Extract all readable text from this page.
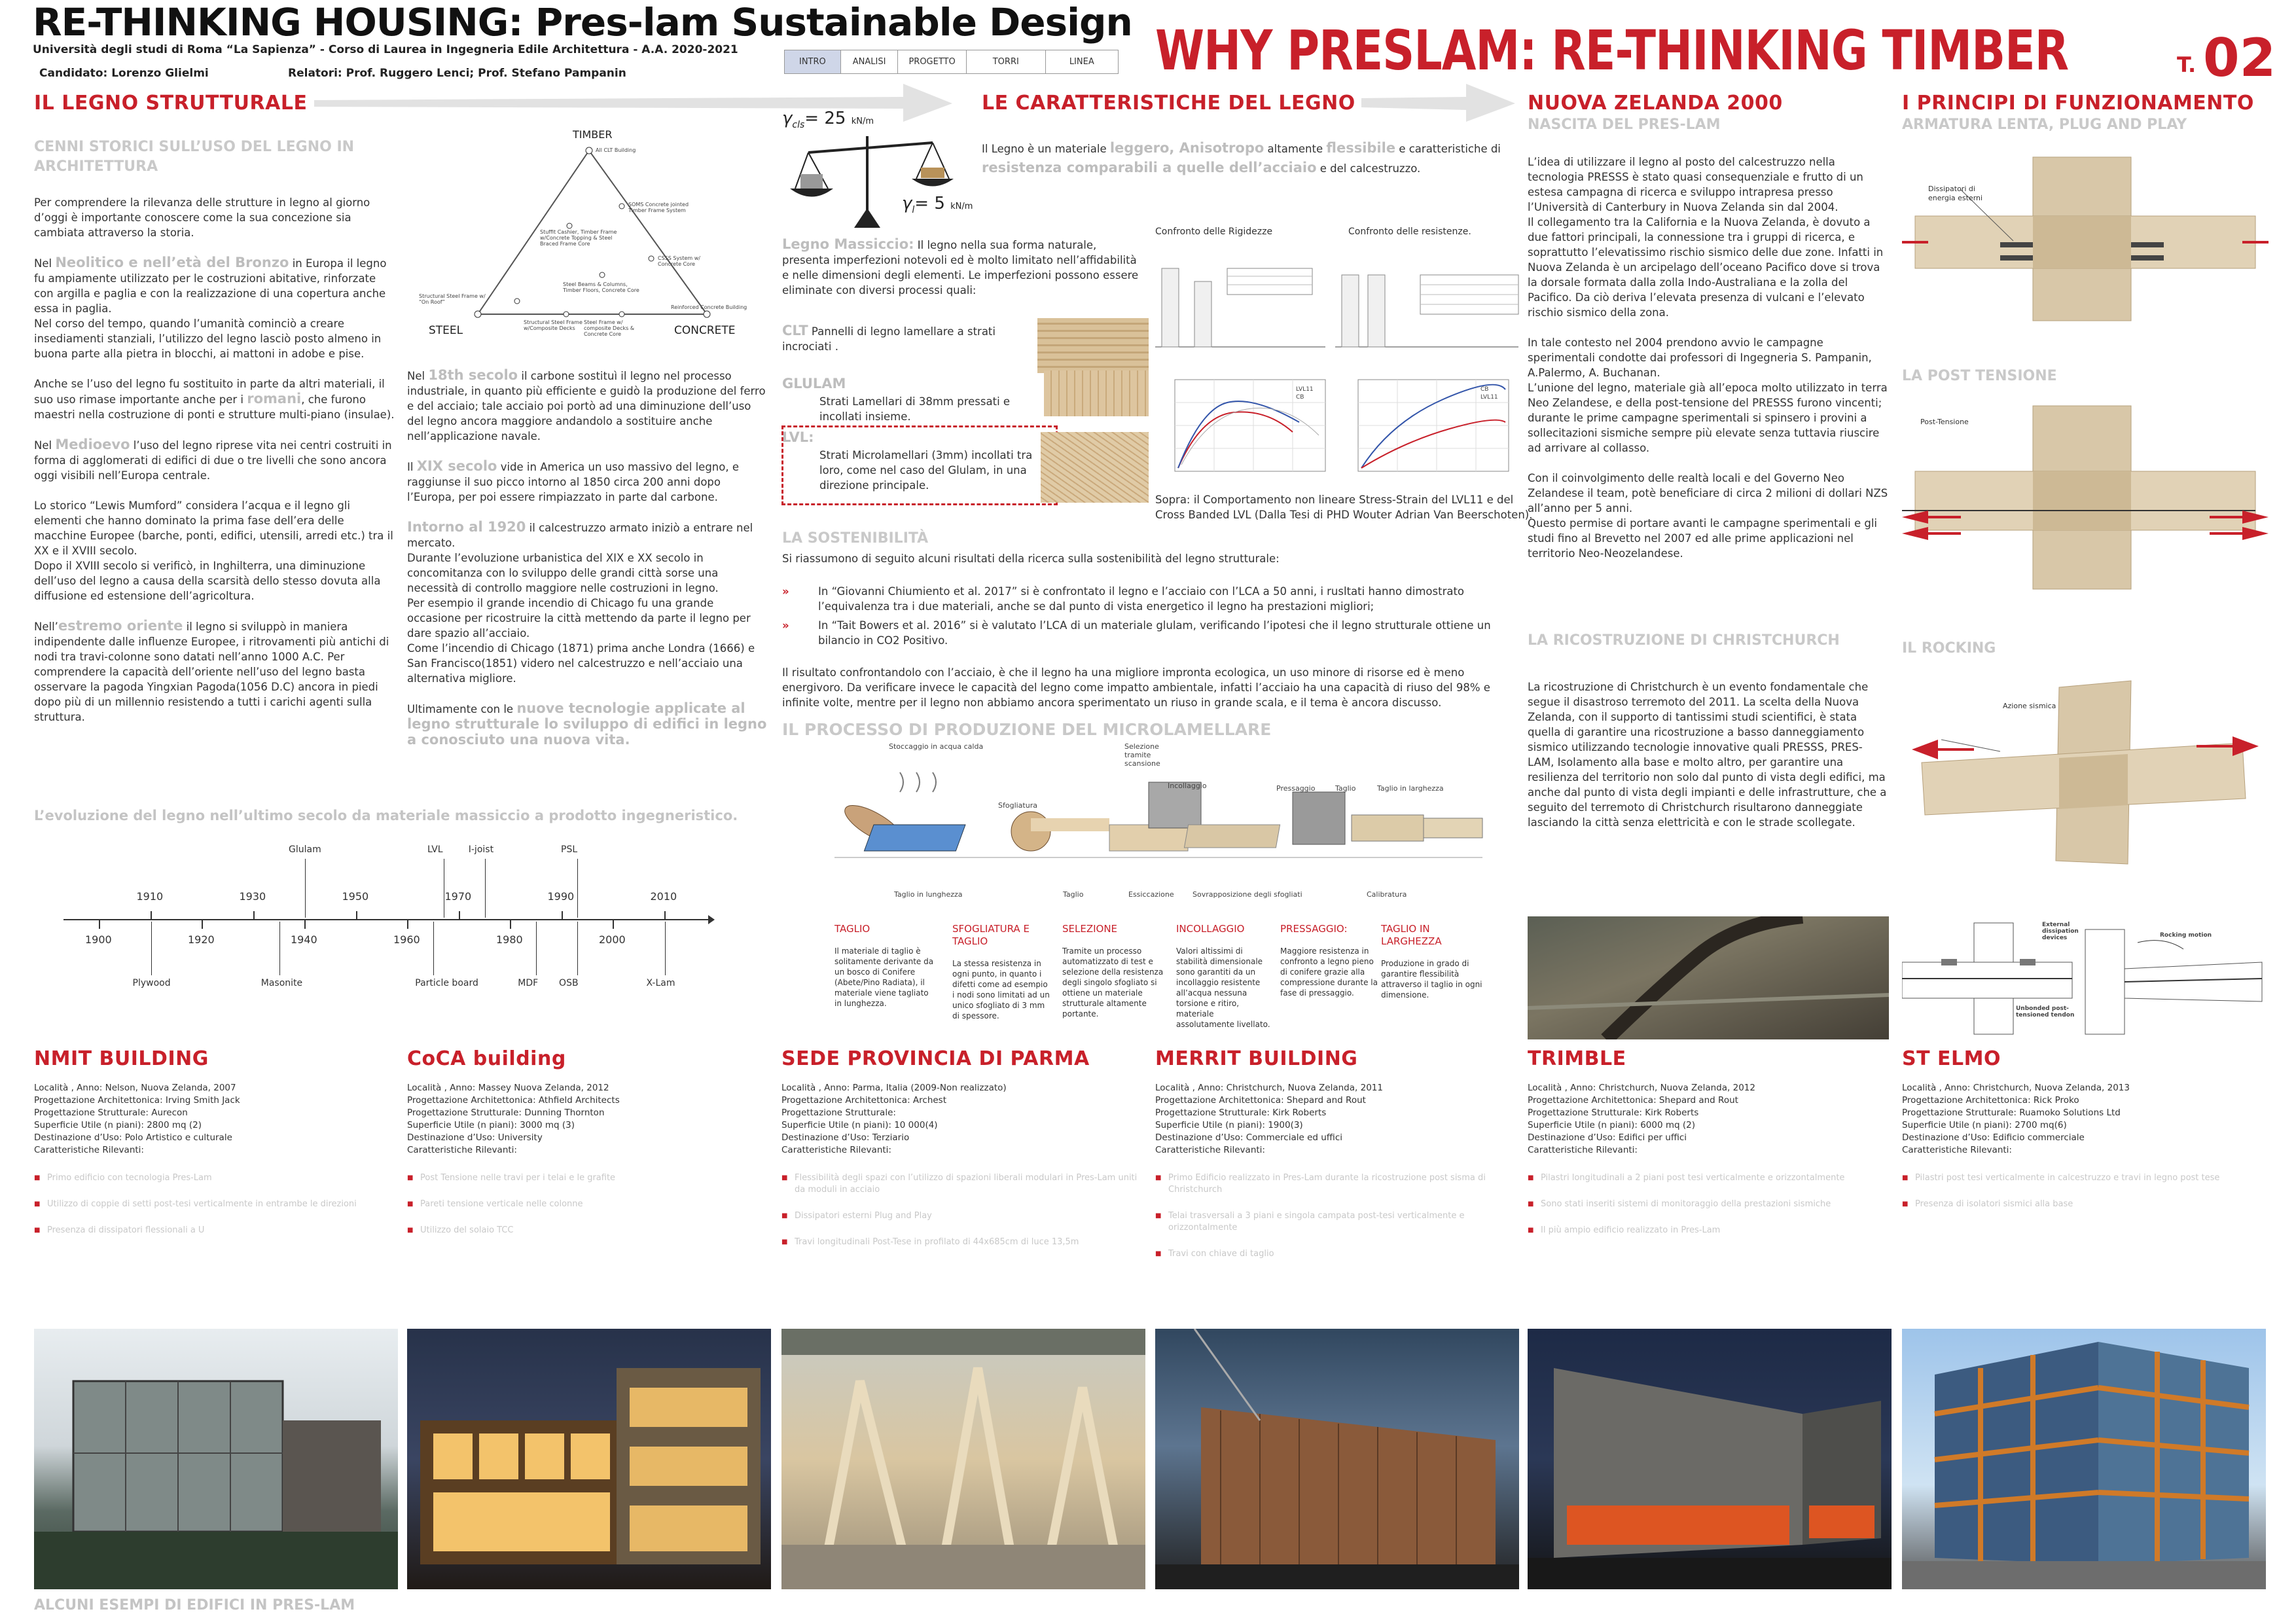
RE-THINKING HOUSING: Pres-lam Sustainable Design
Università degli studi di Roma “La Sapienza” - Corso di Laurea in Ingegneria Edile Architettura - A.A. 2020-2021
Candidato: Lorenzo Glielmi	Relatori: Prof. Ruggero Lenci; Prof. Stefano Pampanin
INTRO	ANALISI	PROGETTO	TORRI	LINEA	WHY PRESLAM: RE-THINKING TIMBER	T. 02
IL LEGNO STRUTTURALE
CENNI STORICI SULL’USO DEL LEGNO IN ARCHITETTURA

Per comprendere la rilevanza delle strutture in legno al giorno d’oggi è importante conoscere come la sua concezione sia cambiata attraverso la storia.

Nel Neolitico e nell’età del Bronzo in Europa il legno fu ampiamente utilizzato per le costruzioni abitative, rinforzate con argilla e paglia e con la realizzazione di una copertura anche essa in paglia.
Nel corso del tempo, quando l’umanità cominciò a creare insediamenti stanziali, l’utilizzo del legno lasciò posto almeno in buona parte alla pietra in blocchi, ai mattoni in adobe e pise.

Anche se l’uso del legno fu sostituito in parte da altri materiali, il suo uso rimase importante anche per i romani, che furono maestri nella costruzione di ponti e strutture multi-piano (insulae).

Nel Medioevo l’uso del legno riprese vita nei centri costruiti in forma di agglomerati di edifici di due o tre livelli che sono ancora oggi visibili nell’Europa centrale.

Lo storico “Lewis Mumford” considera l’acqua e il legno gli elementi che hanno dominato la prima fase dell’era delle macchine Europee (barche, ponti, edifici, utensili, arredi etc.) tra il XX e il XVIII secolo.
Dopo il XVIII secolo si verificò, in Inghilterra, una diminuzione dell’uso del legno a causa della scarsità dello stesso dovuta alla diffusione ed estensione dell’agricoltura.

Nell’estremo oriente il legno si sviluppò in maniera indipendente dalle influenze Europee, i ritrovamenti più antichi di nodi tra travi-colonne sono datati nell’anno 1000 A.C. Per comprendere la capacità dell’oriente nell’uso del legno basta osservare la pagoda Yingxian Pagoda(1056 D.C) ancora in piedi dopo più di un millennio resistendo a tutti i carichi agenti sulla struttura.

TIMBER
STEEL	CONCRETE
All CLT Building
SOMS Concrete jointed Timber Frame System
Stuffit Cashier, Timber Frame w/Concrete Topping & Steel Braced Frame Core
CSSS System w/ Concrete Core
Steel Beams & Columns, Timber Floors, Concrete Core
Structural Steel Frame w/ “On Roof”
Structural Steel Frame w/Composite Decks
Steel Frame w/ composite Decks & Concrete Core
Reinforced Concrete Building

Nel 18th secolo il carbone sostituì il legno nel processo industriale, in quanto più efficiente e guidò la produzione del ferro e del acciaio; tale acciaio poi portò ad una diminuzione dell’uso del legno ancora maggiore andandolo a sostituire anche nell’applicazione navale.

Il XIX secolo vide in America un uso massivo del legno, e raggiunse il suo picco intorno al 1850 circa 200 anni dopo l’Europa, per poi essere rimpiazzato in parte dal carbone.

Intorno al 1920 il calcestruzzo armato iniziò a entrare nel mercato.
Durante l’evoluzione urbanistica del XIX e XX secolo in concomitanza con lo sviluppo delle grandi città sorse una necessità di controllo maggiore nelle costruzioni in legno.
Per esempio il grande incendio di Chicago fu una grande occasione per ricostruire la città mettendo da parte il legno per dare spazio all’acciaio.
Come l’incendio di Chicago (1871) prima anche Londra (1666) e San Francisco(1851) videro nel calcestruzzo e nell’acciaio una alternativa migliore.

Ultimamente con le nuove tecnologie applicate al legno strutturale lo sviluppo di edifici in legno a conosciuto una nuova vita.

L’evoluzione del legno nell’ultimo secolo da materiale massiccio a prodotto ingegneristico.
1910	1930	1950	1970	1990	2010
1900	1920	1940	1960	1980	2000
Glulam	LVL	I-joist	PSL
Plywood	Masonite	Particle board	MDF OSB	X-Lam
LE CARATTERISTICHE DEL LEGNO
$\gamma_{cls}= 25$ kN/m
$\gamma_l= 5$ kN/m
Il Legno è un materiale leggero, Anisotropo altamente flessibile e caratteristiche di resistenza comparabili a quelle dell’acciaio e del calcestruzzo.
Confronto delle Rigidezze	Confronto delle resistenze.
Legno Massiccio: Il legno nella sua forma naturale, presenta imperfezioni notevoli ed è molto limitato nell’affidabilità e nelle dimensioni degli elementi. Le imperfezioni possono essere eliminate con diversi processi quali:
CLT Pannelli di legno lamellare a strati incrociati .
GLULAM
Strati Lamellari di 38mm pressati e incollati insieme.
LVL:
Strati Microlamellari (3mm) incollati tra loro, come nel caso del Glulam, in una direzione principale.
LVL11
CB
CB
LVL11
Sopra: il Comportamento non lineare Stress-Strain del LVL11 e del Cross Banded LVL (Dalla Tesi di PHD Wouter Adrian Van Beerschoten).
LA SOSTENIBILITÀ
Si riassumono di seguito alcuni risultati della ricerca sulla sostenibilità del legno strutturale:
»	In “Giovanni Chiumiento et al. 2017” si è confrontato il legno e l’acciaio con l’LCA a 50 anni, i rusltati hanno dimostrato l’equivalenza tra i due materiali, anche se dal punto di vista energetico il legno ha prestazioni migliori;
»	In “Tait Bowers et al. 2016” si è valutato l’LCA di un materiale glulam, verificando l’ipotesi che il legno strutturale ottiene un bilancio in CO2 Positivo.
Il risultato confrontandolo con l’acciaio, è che il legno ha una migliore impronta ecologica, un uso minore di risorse ed è meno energivoro. Da verificare invece le capacità del legno come impatto ambientale, infatti l’acciaio ha una capacità di riuso del 98% e infinite volte, mentre per il legno non abbiamo ancora sperimentato un riuso in grande scala, e il tema è ancora discusso.
IL PROCESSO DI PRODUZIONE DEL MICROLAMELLARE
Stoccaggio in acqua calda	Selezione tramite scansione
Sfogliatura
Incollaggio	Pressaggio	Taglio	Taglio in larghezza
Taglio in lunghezza	Taglio	Essiccazione	Sovrapposizione degli sfogliati	Calibratura
TAGLIO
Il materiale di taglio è solitamente derivante da un bosco di Conifere (Abete/Pino Radiata), il materiale viene tagliato in lunghezza.
SFOGLIATURA E TAGLIO
La stessa resistenza in ogni punto, in quanto i difetti come ad esempio i nodi sono limitati ad un unico sfogliato di 3 mm di spessore.
SELEZIONE
Tramite un processo automatizzato di test e selezione della resistenza degli singolo sfogliato si ottiene un materiale strutturale altamente portante.
INCOLLAGGIO
Valori altissimi di stabilità dimensionale sono garantiti da un incollaggio resistente all’acqua nessuna torsione e ritiro, materiale assolutamente livellato.
PRESSAGGIO:
Maggiore resistenza in confronto a legno pieno di conifere grazie alla compressione durante la fase di pressaggio.
TAGLIO IN LARGHEZZA
Produzione in grado di garantire flessibilità attraverso il taglio in ogni dimensione.
NUOVA ZELANDA 2000
NASCITA DEL PRES-LAM

L’idea di utilizzare il legno al posto del calcestruzzo nella tecnologia PRESSS è stato quasi consequenziale e frutto di un estesa campagna di ricerca e sviluppo intrapresa presso l’Università di Canterbury in Nuova Zelanda sin dal 2004.
Il collegamento tra la California e la Nuova Zelanda, è dovuto a due fattori principali, la connessione tra i gruppi di ricerca, e soprattutto l’elevatissimo rischio sismico delle due zone. Infatti in Nuova Zelanda è un arcipelago dell’oceano Pacifico dove si trova la dorsale formata dalla zolla Indo-Australiana e la zolla del Pacifico. Da ciò deriva l’elevata presenza di vulcani e l’elevato rischio sismico della zona.

In tale contesto nel 2004 prendono avvio le campagne sperimentali condotte dai professori di Ingegneria S. Pampanin, A.Palermo, A. Buchanan.
L’unione del legno, materiale già all’epoca molto utilizzato in terra Neo Zelandese, e della post-tensione del PRESSS furono vincenti; durante le prime campagne sperimentali si spinsero i provini a sollecitazioni sismiche sempre più elevate senza tuttavia riuscire ad arrivare al collasso.

Con il coinvolgimento delle realtà locali e del Governo Neo Zelandese il team, potè beneficiare di circa 2 milioni di dollari NZS all’anno per 5 anni.
Questo permise di portare avanti le campagne sperimentali e gli studi fino al Brevetto nel 2007 ed alle prime applicazioni nel territorio Neo-Neozelandese.

LA RICOSTRUZIONE DI CHRISTCHURCH
La ricostruzione di Christchurch è un evento fondamentale che segue il disastroso terremoto del 2011. La scelta della Nuova Zelanda, con il supporto di tantissimi studi scientifici, è stata quella di garantire una ricostruzione a basso danneggiamento sismico utilizzando tecnologie innovative quali PRESSS, PRES-LAM, Isolamento alla base e molto altro, per garantire una resilienza del territorio non solo dal punto di vista degli edifici, ma anche dal punto di vista degli impianti e delle infrastrutture, che a seguito del terremoto di Christchurch risultarono danneggiate lasciando la città senza elettricità e con le strade scollegate.
I PRINCIPI DI FUNZIONAMENTO
ARMATURA LENTA, PLUG AND PLAY
Dissipatori di energia esterni
LA POST TENSIONE
Post-Tensione
IL ROCKING
Azione sismica
External dissipation devices
Unbonded post-tensioned tendon
Rocking motion
NMIT BUILDING
Località , Anno: Nelson, Nuova Zelanda, 2007
Progettazione Architettonica: Irving Smith Jack
Progettazione Strutturale: Aurecon
Superficie Utile (n piani): 2800 mq (2)
Destinazione d’Uso: Polo Artistico e culturale
Caratteristiche Rilevanti:
■ Primo edificio con tecnologia Pres-Lam
■ Utilizzo di coppie di setti post-tesi verticalmente in entrambe le direzioni
■ Presenza di dissipatori flessionali a U
CoCA building
Località , Anno: Massey Nuova Zelanda, 2012
Progettazione Architettonica: Athfield Architects
Progettazione Strutturale: Dunning Thornton
Superficie Utile (n piani): 3000 mq (3)
Destinazione d’Uso: University
Caratteristiche Rilevanti:
■ Post Tensione nelle travi per i telai e le grafite
■ Pareti tensione verticale nelle colonne
■ Utilizzo del solaio TCC
SEDE PROVINCIA DI PARMA
Località , Anno: Parma, Italia (2009-Non realizzato)
Progettazione Architettonica: Archest
Progettazione Strutturale:
Superficie Utile (n piani): 10 000(4)
Destinazione d’Uso: Terziario
Caratteristiche Rilevanti:
■ Flessibilità degli spazi con l’utilizzo di spazioni liberali modulari in Pres-Lam uniti da moduli in acciaio
■ Dissipatori esterni Plug and Play
■ Travi longitudinali Post-Tese in profilato di 44x685cm di luce 13,5m
MERRIT BUILDING
Località , Anno: Christchurch, Nuova Zelanda, 2011
Progettazione Architettonica: Shepard and Rout
Progettazione Strutturale: Kirk Roberts
Superficie Utile (n piani): 1900(3)
Destinazione d’Uso: Commerciale ed uffici
Caratteristiche Rilevanti:
■ Primo Edificio realizzato in Pres-Lam durante la ricostruzione post sisma di Christchurch
■ Telai trasversali a 3 piani e singola campata post-tesi verticalmente e orizzontalmente
■ Travi con chiave di taglio
TRIMBLE
Località , Anno: Christchurch, Nuova Zelanda, 2012
Progettazione Architettonica: Shepard and Rout
Progettazione Strutturale: Kirk Roberts
Superficie Utile (n piani): 6000 mq (2)
Destinazione d’Uso: Edifici per uffici
Caratteristiche Rilevanti:
■ Pilastri longitudinali a 2 piani post tesi verticalmente e orizzontalmente
■ Sono stati inseriti sistemi di monitoraggio della prestazioni sismiche
■ Il più ampio edificio realizzato in Pres-Lam
ST ELMO
Località , Anno: Christchurch, Nuova Zelanda, 2013
Progettazione Architettonica: Rick Proko
Progettazione Strutturale: Ruamoko Solutions Ltd
Superficie Utile (n piani): 2700 mq(6)
Destinazione d’Uso: Edificio commerciale
Caratteristiche Rilevanti:
■ Pilastri post tesi verticalmente in calcestruzzo e travi in legno post tese
■ Presenza di isolatori sismici alla base
ALCUNI ESEMPI DI EDIFICI IN PRES-LAM
